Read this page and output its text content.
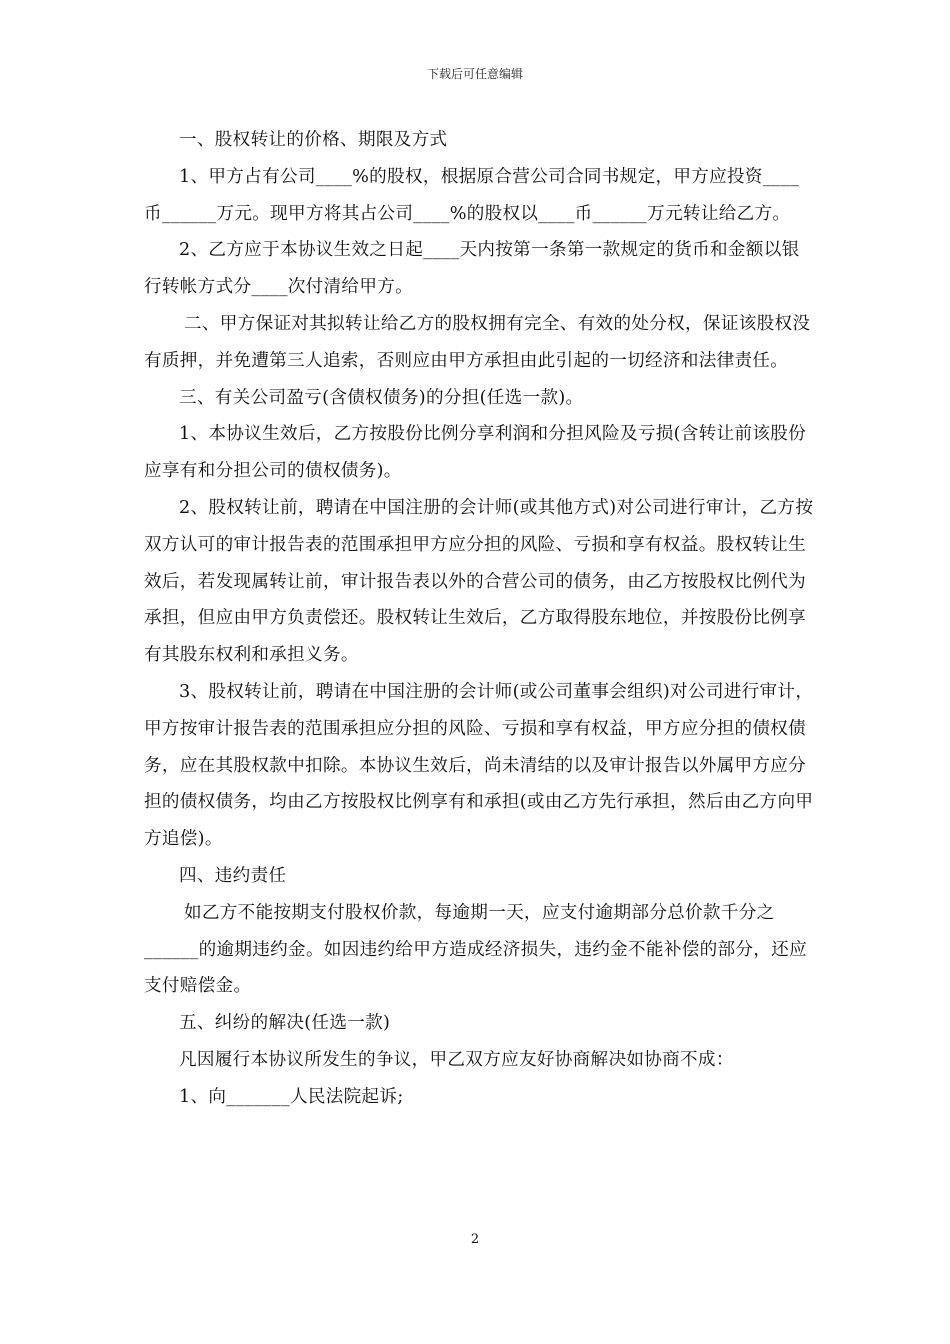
下载后可任意编辑

一、股权转让的价格、期限及方式

1、甲方占有公司____%的股权，根据原合营公司合同书规定，甲方应投资____币______万元。现甲方将其占公司____%的股权以____币______万元转让给乙方。

2、乙方应于本协议生效之日起____天内按第一条第一款规定的货币和金额以银行转帐方式分____次付清给甲方。

二、甲方保证对其拟转让给乙方的股权拥有完全、有效的处分权，保证该股权没有质押，并免遭第三人追索，否则应由甲方承担由此引起的一切经济和法律责任。

三、有关公司盈亏(含债权债务)的分担(任选一款)。

1、本协议生效后，乙方按股份比例分享利润和分担风险及亏损(含转让前该股份应享有和分担公司的债权债务)。

2、股权转让前，聘请在中国注册的会计师(或其他方式)对公司进行审计，乙方按双方认可的审计报告表的范围承担甲方应分担的风险、亏损和享有权益。股权转让生效后，若发现属转让前，审计报告表以外的合营公司的债务，由乙方按股权比例代为承担，但应由甲方负责偿还。股权转让生效后，乙方取得股东地位，并按股份比例享有其股东权利和承担义务。

3、股权转让前，聘请在中国注册的会计师(或公司董事会组织)对公司进行审计，甲方按审计报告表的范围承担应分担的风险、亏损和享有权益，甲方应分担的债权债务，应在其股权款中扣除。本协议生效后，尚未清结的以及审计报告以外属甲方应分担的债权债务，均由乙方按股权比例享有和承担(或由乙方先行承担，然后由乙方向甲方追偿)。

四、违约责任

如乙方不能按期支付股权价款，每逾期一天，应支付逾期部分总价款千分之______的逾期违约金。如因违约给甲方造成经济损失，违约金不能补偿的部分，还应支付赔偿金。

五、纠纷的解决(任选一款)

凡因履行本协议所发生的争议，甲乙双方应友好协商解决如协商不成：

1、向_______人民法院起诉;

2
